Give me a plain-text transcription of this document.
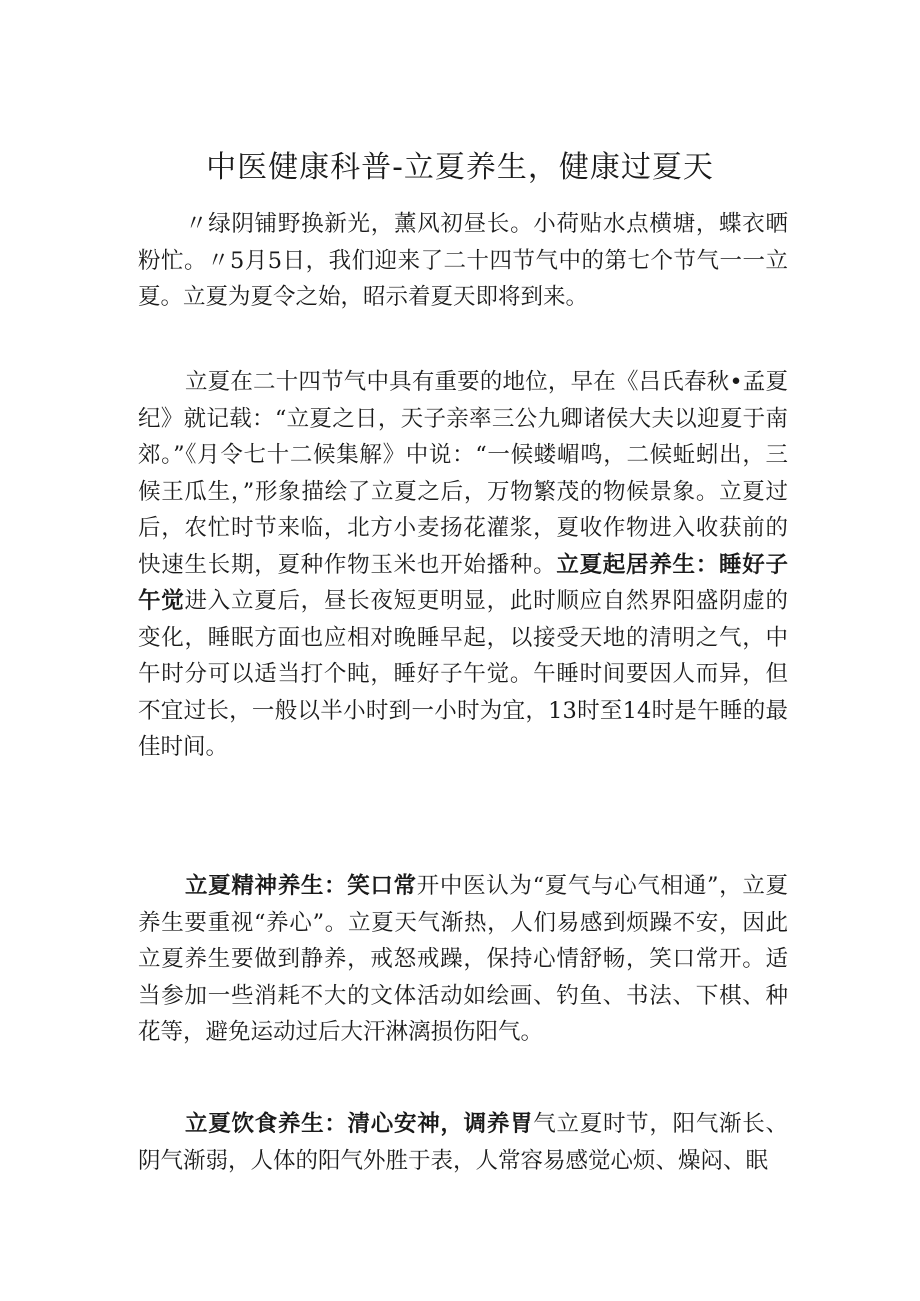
中医健康科普-立夏养生，健康过夏天

〃绿阴铺野换新光，薰风初昼长。小荷贴水点横塘，蝶衣晒粉忙。〃5月5日，我们迎来了二十四节气中的第七个节气一一立夏。立夏为夏令之始，昭示着夏天即将到来。

立夏在二十四节气中具有重要的地位，早在《吕氏春秋•孟夏纪》就记载：“立夏之日，天子亲率三公九卿诸侯大夫以迎夏于南郊。”《月令七十二候集解》中说：“一候蝼嵋鸣，二候蚯蚓出，三候王瓜生，”形象描绘了立夏之后，万物繁茂的物候景象。立夏过后，农忙时节来临，北方小麦扬花灌浆，夏收作物进入收获前的快速生长期，夏种作物玉米也开始播种。立夏起居养生：睡好子午觉进入立夏后，昼长夜短更明显，此时顺应自然界阳盛阴虚的变化，睡眠方面也应相对晚睡早起，以接受天地的清明之气，中午时分可以适当打个盹，睡好子午觉。午睡时间要因人而异，但不宜过长，一般以半小时到一小时为宜，13时至14时是午睡的最佳时间。

立夏精神养生：笑口常开中医认为“夏气与心气相通”，立夏养生要重视“养心”。立夏天气渐热，人们易感到烦躁不安，因此立夏养生要做到静养，戒怒戒躁，保持心情舒畅，笑口常开。适当参加一些消耗不大的文体活动如绘画、钓鱼、书法、下棋、种花等，避免运动过后大汗淋漓损伤阳气。

立夏饮食养生：清心安神，调养胃气立夏时节，阳气渐长、阴气渐弱，人体的阳气外胜于表，人常容易感觉心烦、燥闷、眠
